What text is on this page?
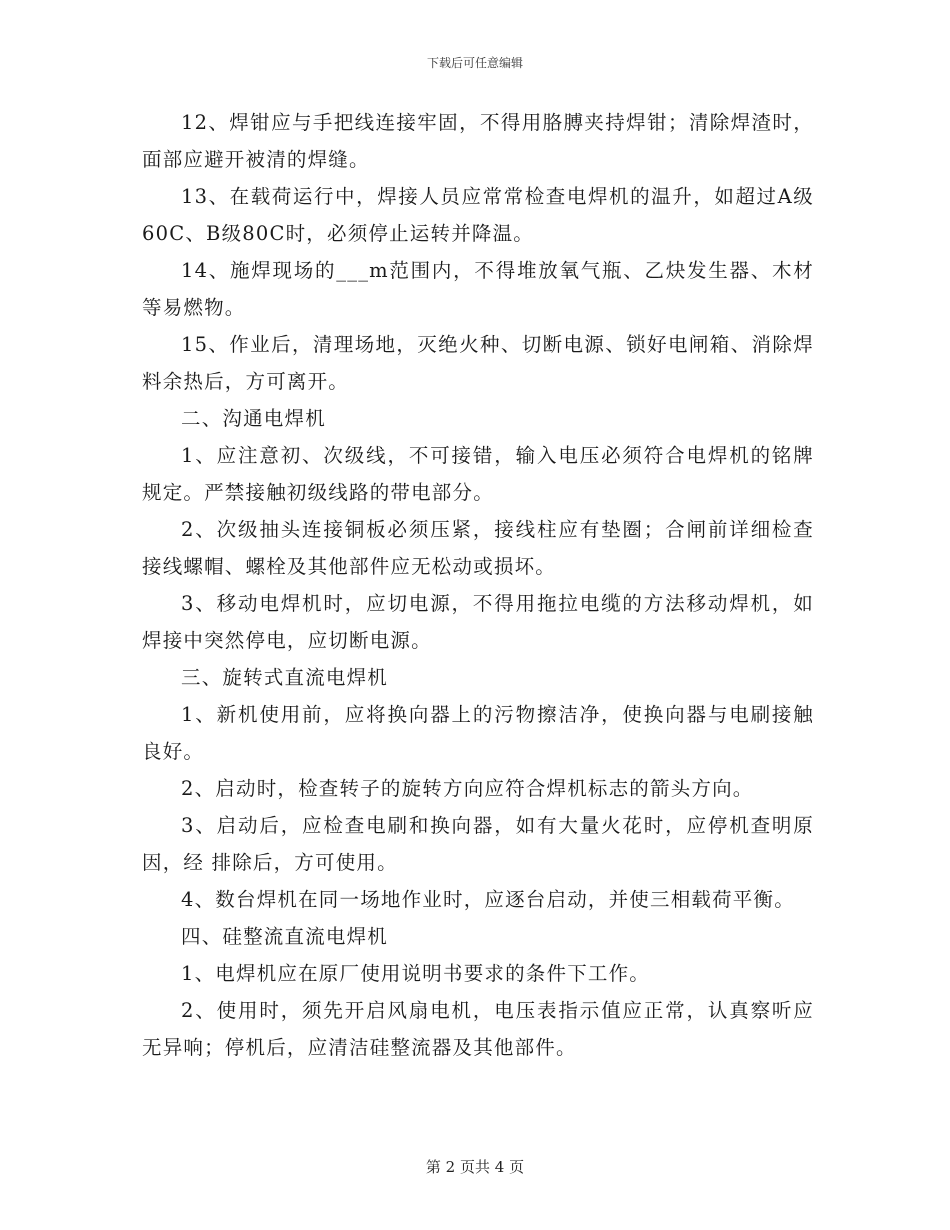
下载后可任意编辑

12、焊钳应与手把线连接牢固，不得用胳膊夹持焊钳；清除焊渣时，面部应避开被清的焊缝。

13、在载荷运行中，焊接人员应常常检查电焊机的温升，如超过A级60C、B级80C时，必须停止运转并降温。

14、施焊现场的___m范围内，不得堆放氧气瓶、乙炔发生器、木材等易燃物。

15、作业后，清理场地，灭绝火种、切断电源、锁好电闸箱、消除焊料余热后，方可离开。

二、沟通电焊机

1、应注意初、次级线，不可接错，输入电压必须符合电焊机的铭牌规定。严禁接触初级线路的带电部分。

2、次级抽头连接铜板必须压紧，接线柱应有垫圈；合闸前详细检查接线螺帽、螺栓及其他部件应无松动或损坏。

3、移动电焊机时，应切电源，不得用拖拉电缆的方法移动焊机，如焊接中突然停电，应切断电源。

三、旋转式直流电焊机

1、新机使用前，应将换向器上的污物擦洁净，使换向器与电刷接触良好。

2、启动时，检查转子的旋转方向应符合焊机标志的箭头方向。

3、启动后，应检查电刷和换向器，如有大量火花时，应停机查明原因，经 排除后，方可使用。

4、数台焊机在同一场地作业时，应逐台启动，并使三相载荷平衡。

四、硅整流直流电焊机

1、电焊机应在原厂使用说明书要求的条件下工作。

2、使用时，须先开启风扇电机，电压表指示值应正常，认真察听应无异响；停机后，应清洁硅整流器及其他部件。

第 2 页共 4 页
